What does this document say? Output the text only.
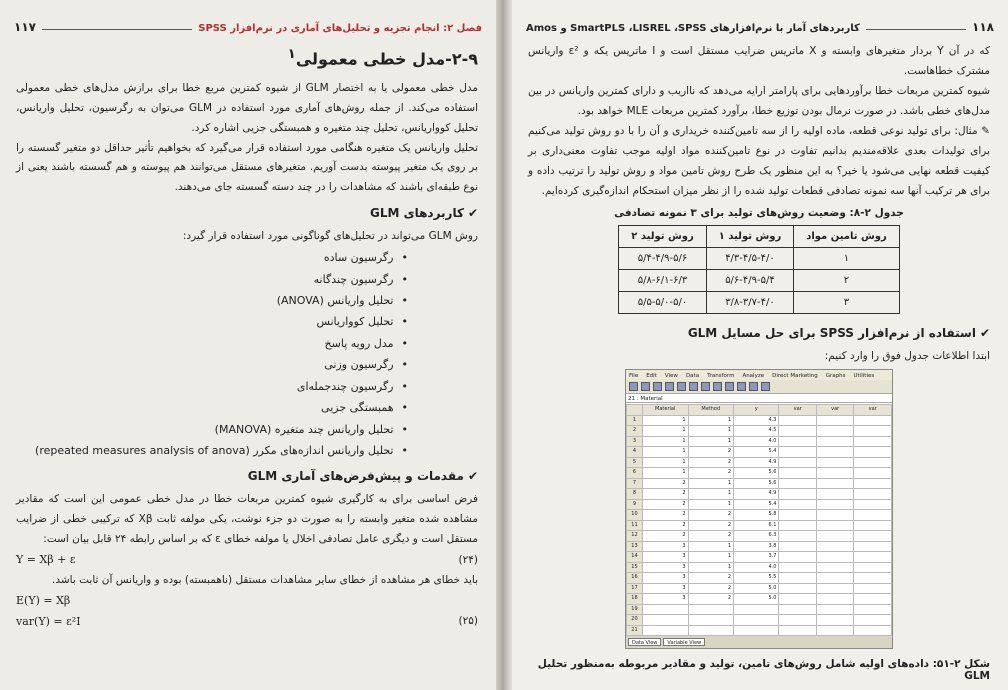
فصل ۲: انجام تجزیه و تحلیل‌های آماری در نرم‌افزار SPSS
۱۱۷
۲-۹-مدل خطی معمولی$^۱$

مدل خطی معمولی یا به اختصار GLM از شیوه کمترین مربع خطا برای برازش مدل‌های خطی معمولی استفاده می‌کند. از جمله روش‌های آماری مورد استفاده در GLM می‌توان به رگرسیون، تحلیل واریانس، تحلیل کوواریانس، تحلیل چند متغیره و همبستگی جزیی اشاره کرد.

تحلیل واریانس یک متغیره هنگامی مورد استفاده قرار می‌گیرد که بخواهیم تأثیر حداقل دو متغیر گسسته را بر روی یک متغیر پیوسته بدست آوریم. متغیرهای مستقل می‌توانند هم پیوسته و هم گسسته باشند یعنی از نوع طبقه‌ای باشند که مشاهدات را در چند دسته گسسته جای می‌دهند.

✔کاربردهای GLM

روش GLM می‌تواند در تحلیل‌های گوناگونی مورد استفاده قرار گیرد:

• رگرسیون ساده
• رگرسیون چندگانه
• تحلیل واریانس (ANOVA)
• تحلیل کوواریانس
• مدل رویه پاسخ
• رگرسیون وزنی
• رگرسیون چندجمله‌ای
• همبستگی جزیی
• تحلیل واریانس چند متغیره (MANOVA)
• تحلیل واریانس اندازه‌های مکرر (repeated measures analysis of anova)
✔مقدمات و پیش‌فرض‌های آماری GLM

فرض اساسی برای به کارگیری شیوه کمترین مربعات خطا در مدل خطی عمومی این است که مقادیر مشاهده شده متغیر وابسته را به صورت دو جزء نوشت، یکی مولفه ثابت Xβ که ترکیبی خطی از ضرایب مستقل است و دیگری عامل تصادفی اخلال یا مولفه خطای ε که بر اساس رابطه ۲۴ قابل بیان است:

(۲۴)
Y = Xβ + ε

باید خطای هر مشاهده از خطای سایر مشاهدات مستقل (ناهمبسته) بوده و واریانس آن ثابت باشد.

E(Y) = Xβ
(۲۵)
var(Y) = ε²I
۱۱۸
کاربردهای آمار با نرم‌افزارهای SmartPLS ،LISREL ،SPSS و Amos

که در آن Y بردار متغیرهای وابسته و X ماتریس ضرایب مستقل است و I ماتریس یکه و ε² واریانس مشترک خطاهاست.

شیوه کمترین مربعات خطا برآوردهایی برای پارامتر ارایه می‌دهد که نااریب و دارای کمترین واریانس در بین مدل‌های خطی باشد. در صورت نرمال بودن توزیع خطا، برآورد کمترین مربعات MLE خواهد بود.

✎ مثال: برای تولید نوعی قطعه، ماده اولیه را از سه تامین‌کننده خریداری و آن را با دو روش تولید می‌کنیم برای تولیدات بعدی علاقه‌مندیم بدانیم تفاوت در نوع تامین‌کننده مواد اولیه موجب تفاوت معنی‌داری بر کیفیت قطعه نهایی می‌شود یا خیر؟ به این منظور یک طرح روش تامین مواد و روش تولید را ترتیب داده و برای هر ترکیب آنها سه نمونه تصادفی قطعات تولید شده را از نظر میزان استحکام اندازه‌گیری کرده‌ایم.

جدول ۲-۸: وضعیت روش‌های تولید برای ۳ نمونه تصادفی
روش تامین مواد	روش تولید ۱	روش تولید ۲
۱	۴/۳-۴/۵-۴/۰	۵/۴-۴/۹-۵/۶
۲	۵/۶-۴/۹-۵/۴	۵/۸-۶/۱-۶/۳
۳	۳/۸-۳/۷-۴/۰	۵/۵-۵/۰-۵/۰
✔استفاده از نرم‌افزار SPSS برای حل مسایل GLM

ابتدا اطلاعات جدول فوق را وارد کنیم:

File Edit View Data Transform Analyze Direct Marketing Graphs Utilities
21 : Material
	Material	Method	y	var	var	var
1	1	1	4.3			
2	1	1	4.5			
3	1	1	4.0			
4	1	2	5.4			
5	1	2	4.9			
6	1	2	5.6			
7	2	1	5.6			
8	2	1	4.9			
9	2	1	5.4			
10	2	2	5.8			
11	2	2	6.1			
12	2	2	6.3			
13	3	1	3.8			
14	3	1	3.7			
15	3	1	4.0			
16	3	2	5.5			
17	3	2	5.0			
18	3	2	5.0			
19						
20						
21						

Data View	Variable View
شکل ۲-۵۱: داده‌های اولیه شامل روش‌های تامین، تولید و مقادیر مربوطه به‌منظور تحلیل GLM
